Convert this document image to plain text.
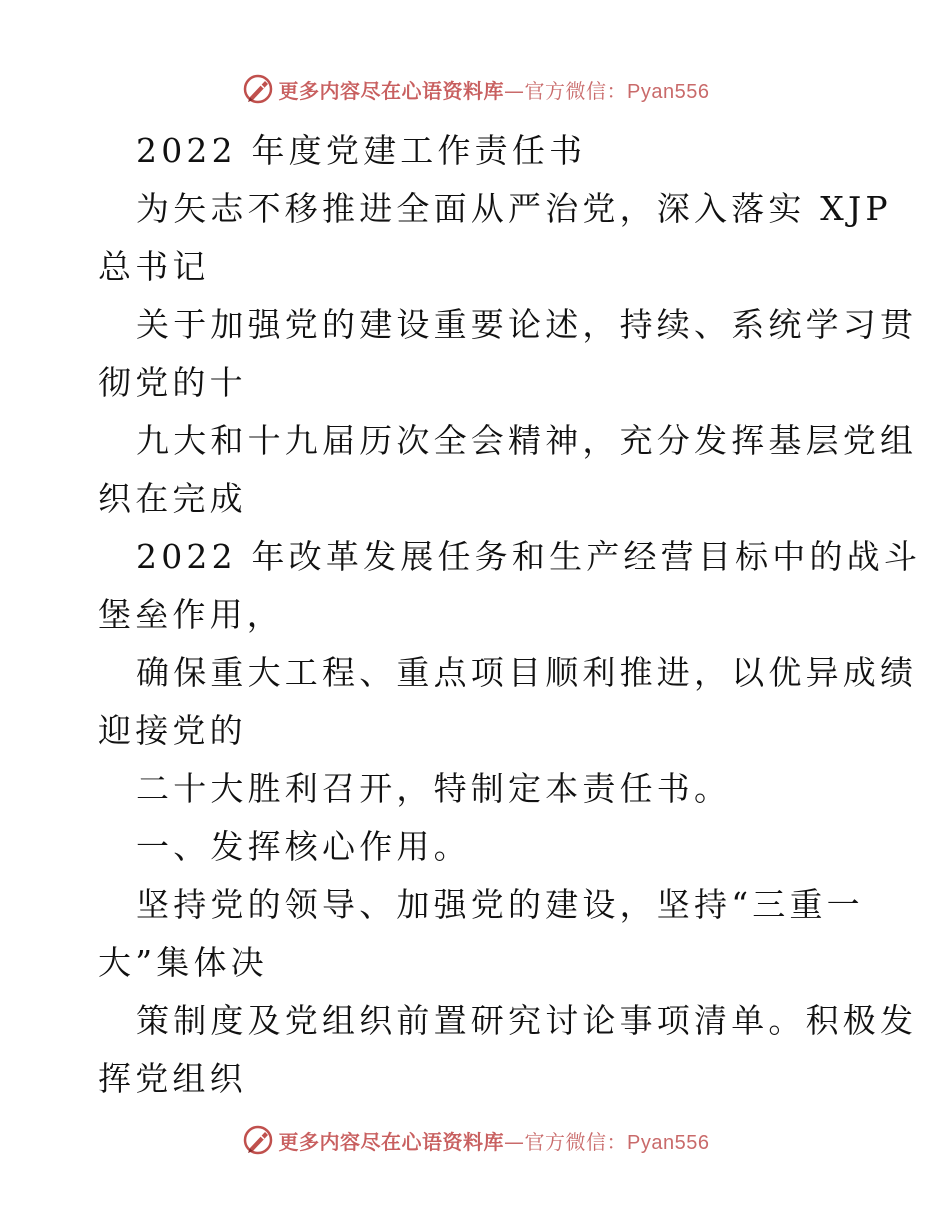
更多内容尽在心语资料库—官方微信：Pyan556
2022 年度党建工作责任书
为矢志不移推进全面从严治党，深入落实 XJP
总书记
关于加强党的建设重要论述，持续、系统学习贯
彻党的十
九大和十九届历次全会精神，充分发挥基层党组
织在完成
2022 年改革发展任务和生产经营目标中的战斗
堡垒作用，
确保重大工程、重点项目顺利推进，以优异成绩
迎接党的
二十大胜利召开，特制定本责任书。
一、发挥核心作用。
坚持党的领导、加强党的建设，坚持“三重一
大”集体决
策制度及党组织前置研究讨论事项清单。积极发
挥党组织
更多内容尽在心语资料库—官方微信：Pyan556
